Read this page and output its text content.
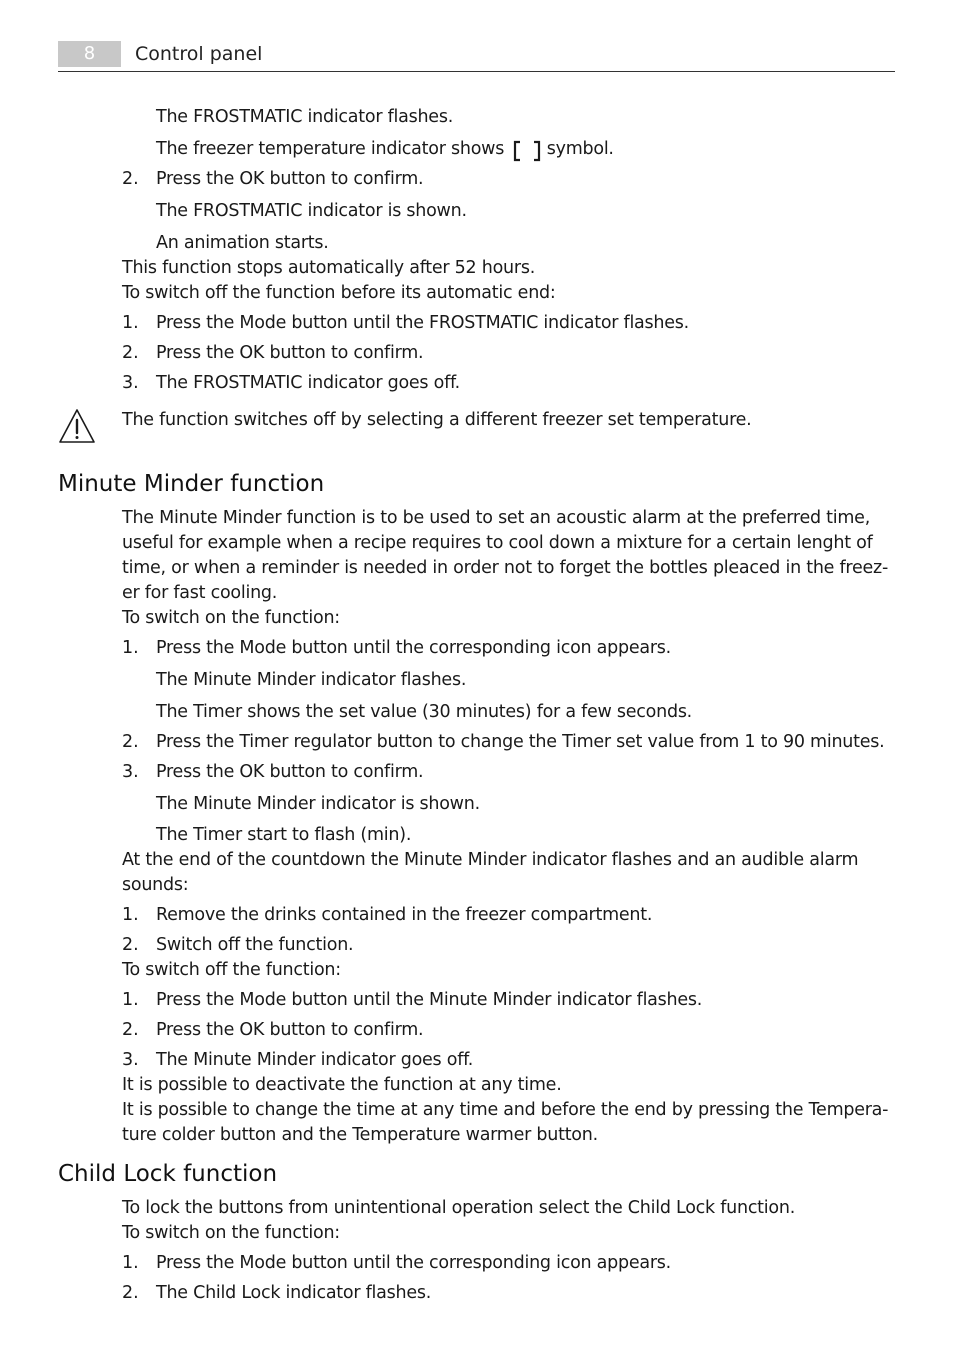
8	Control panel
The FROSTMATIC indicator flashes.
The freezer temperature indicator shows symbol.
2. Press the OK button to confirm.
The FROSTMATIC indicator is shown.
An animation starts.
This function stops automatically after 52 hours.
To switch off the function before its automatic end:
1. Press the Mode button until the FROSTMATIC indicator flashes.
2. Press the OK button to confirm.
3. The FROSTMATIC indicator goes off.
The function switches off by selecting a different freezer set temperature.
Minute Minder function
The Minute Minder function is to be used to set an acoustic alarm at the preferred time,
useful for example when a recipe requires to cool down a mixture for a certain lenght of
time, or when a reminder is needed in order not to forget the bottles pleaced in the freez-
er for fast cooling.
To switch on the function:
1. Press the Mode button until the corresponding icon appears.
The Minute Minder indicator flashes.
The Timer shows the set value (30 minutes) for a few seconds.
2. Press the Timer regulator button to change the Timer set value from 1 to 90 minutes.
3. Press the OK button to confirm.
The Minute Minder indicator is shown.
The Timer start to flash (min).
At the end of the countdown the Minute Minder indicator flashes and an audible alarm
sounds:
1. Remove the drinks contained in the freezer compartment.
2. Switch off the function.
To switch off the function:
1. Press the Mode button until the Minute Minder indicator flashes.
2. Press the OK button to confirm.
3. The Minute Minder indicator goes off.
It is possible to deactivate the function at any time.
It is possible to change the time at any time and before the end by pressing the Tempera-
ture colder button and the Temperature warmer button.
Child Lock function
To lock the buttons from unintentional operation select the Child Lock function.
To switch on the function:
1. Press the Mode button until the corresponding icon appears.
2. The Child Lock indicator flashes.
